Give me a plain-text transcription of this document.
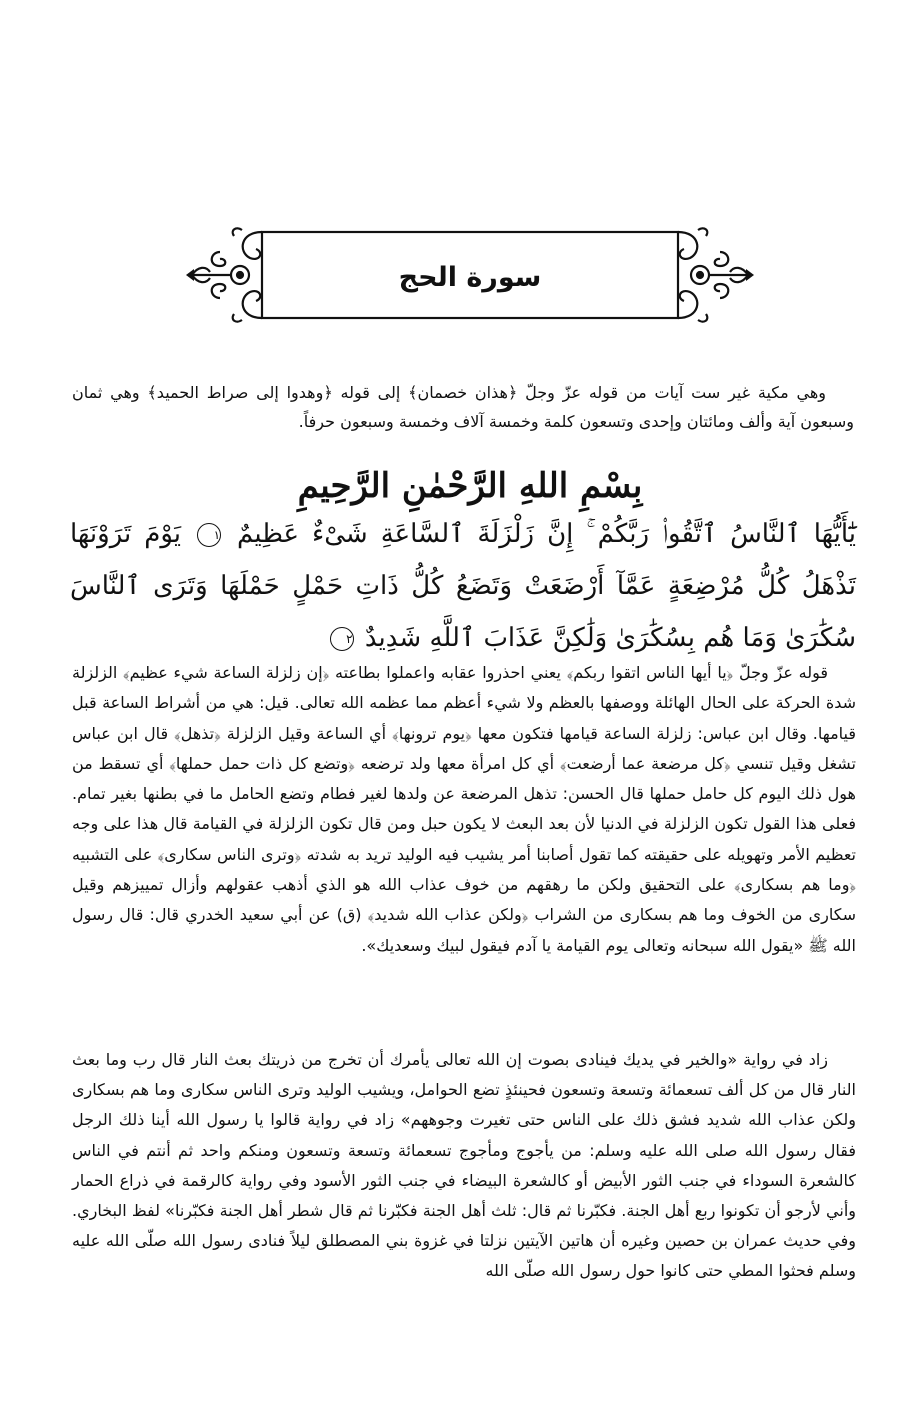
سورة الحج

وهي مكية غير ست آيات من قوله عزّ وجلّ ﴿هذان خصمان﴾ إلى قوله ﴿وهدوا إلى صراط الحميد﴾ وهي ثمان وسبعون آية وألف ومائتان وإحدى وتسعون كلمة وخمسة آلاف وخمسة وسبعون حرفاً.

بِسْمِ اللهِ الرَّحْمٰنِ الرَّحِيمِ
يَٰٓأَيُّهَا ٱلنَّاسُ ٱتَّقُوا۟ رَبَّكُمْ ۚ إِنَّ زَلْزَلَةَ ٱلسَّاعَةِ شَىْءٌ عَظِيمٌ ١ يَوْمَ تَرَوْنَهَا تَذْهَلُ كُلُّ مُرْضِعَةٍ عَمَّآ أَرْضَعَتْ وَتَضَعُ كُلُّ ذَاتِ حَمْلٍ حَمْلَهَا وَتَرَى ٱلنَّاسَ سُكَٰرَىٰ وَمَا هُم بِسُكَٰرَىٰ وَلَٰكِنَّ عَذَابَ ٱللَّهِ شَدِيدٌ ٢

قوله عزّ وجلّ ﴿يا أيها الناس اتقوا ربكم﴾ يعني احذروا عقابه واعملوا بطاعته ﴿إن زلزلة الساعة شيء عظيم﴾ الزلزلة شدة الحركة على الحال الهائلة ووصفها بالعظم ولا شيء أعظم مما عظمه الله تعالى. قيل: هي من أشراط الساعة قبل قيامها. وقال ابن عباس: زلزلة الساعة قيامها فتكون معها ﴿يوم ترونها﴾ أي الساعة وقيل الزلزلة ﴿تذهل﴾ قال ابن عباس تشغل وقيل تنسي ﴿كل مرضعة عما أرضعت﴾ أي كل امرأة معها ولد ترضعه ﴿وتضع كل ذات حمل حملها﴾ أي تسقط من هول ذلك اليوم كل حامل حملها قال الحسن: تذهل المرضعة عن ولدها لغير فطام وتضع الحامل ما في بطنها بغير تمام. فعلى هذا القول تكون الزلزلة في الدنيا لأن بعد البعث لا يكون حبل ومن قال تكون الزلزلة في القيامة قال هذا على وجه تعظيم الأمر وتهويله على حقيقته كما تقول أصابنا أمر يشيب فيه الوليد تريد به شدته ﴿وترى الناس سكارى﴾ على التشبيه ﴿وما هم بسكارى﴾ على التحقيق ولكن ما رهقهم من خوف عذاب الله هو الذي أذهب عقولهم وأزال تمييزهم وقيل سكارى من الخوف وما هم بسكارى من الشراب ﴿ولكن عذاب الله شديد﴾ (ق) عن أبي سعيد الخدري قال: قال رسول الله ﷺ «يقول الله سبحانه وتعالى يوم القيامة يا آدم فيقول لبيك وسعديك».

زاد في رواية «والخير في يديك فينادى بصوت إن الله تعالى يأمرك أن تخرج من ذريتك بعث النار قال رب وما بعث النار قال من كل ألف تسعمائة وتسعة وتسعون فحينئذٍ تضع الحوامل، ويشيب الوليد وترى الناس سكارى وما هم بسكارى ولكن عذاب الله شديد فشق ذلك على الناس حتى تغيرت وجوههم» زاد في رواية قالوا يا رسول الله أينا ذلك الرجل فقال رسول الله صلى الله عليه وسلم: من يأجوج ومأجوج تسعمائة وتسعة وتسعون ومنكم واحد ثم أنتم في الناس كالشعرة السوداء في جنب الثور الأبيض أو كالشعرة البيضاء في جنب الثور الأسود وفي رواية كالرقمة في ذراع الحمار وأني لأرجو أن تكونوا ربع أهل الجنة. فكبّرنا ثم قال: ثلث أهل الجنة فكبّرنا ثم قال شطر أهل الجنة فكبّرنا» لفظ البخاري. وفي حديث عمران بن حصين وغيره أن هاتين الآيتين نزلتا في غزوة بني المصطلق ليلاً فنادى رسول الله صلّى الله عليه وسلم فحثوا المطي حتى كانوا حول رسول الله صلّى الله
